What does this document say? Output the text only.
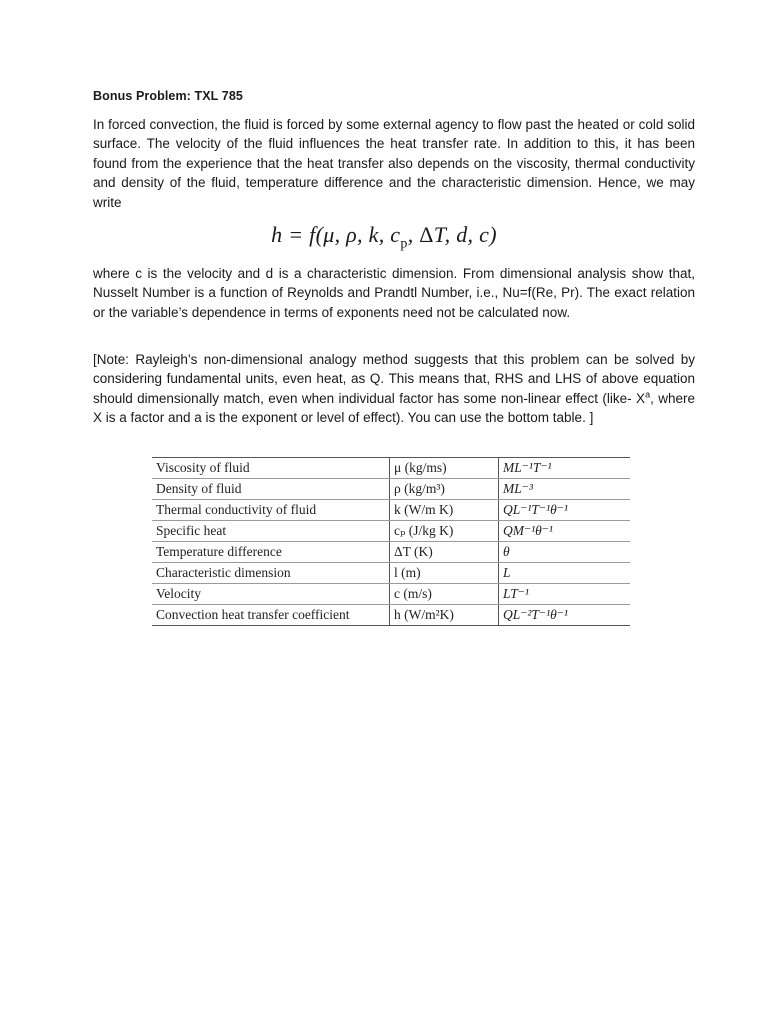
Bonus Problem: TXL 785

In forced convection, the fluid is forced by some external agency to flow past the heated or cold solid surface. The velocity of the fluid influences the heat transfer rate. In addition to this, it has been found from the experience that the heat transfer also depends on the viscosity, thermal conductivity and density of the fluid, temperature difference and the characteristic dimension. Hence, we may write

h = f(μ, ρ, k, $c_p$, ΔT, d, c)

where c is the velocity and d is a characteristic dimension. From dimensional analysis show that, Nusselt Number is a function of Reynolds and Prandtl Number, i.e., Nu=f(Re, Pr). The exact relation or the variable’s dependence in terms of exponents need not be calculated now.

[Note: Rayleigh’s non-dimensional analogy method suggests that this problem can be solved by considering fundamental units, even heat, as Q. This means that, RHS and LHS of above equation should dimensionally match, even when individual factor has some non-linear effect (like- $X^a$, where X is a factor and a is the exponent or level of effect). You can use the bottom table. ]

Viscosity of fluid	μ (kg/ms)	ML⁻¹T⁻¹
Density of fluid	ρ (kg/m³)	ML⁻³
Thermal conductivity of fluid	k (W/m K)	QL⁻¹T⁻¹θ⁻¹
Specific heat	cₚ (J/kg K)	QM⁻¹θ⁻¹
Temperature difference	ΔT (K)	θ
Characteristic dimension	l (m)	L
Velocity	c (m/s)	LT⁻¹
Convection heat transfer coefficient	h (W/m²K)	QL⁻²T⁻¹θ⁻¹
